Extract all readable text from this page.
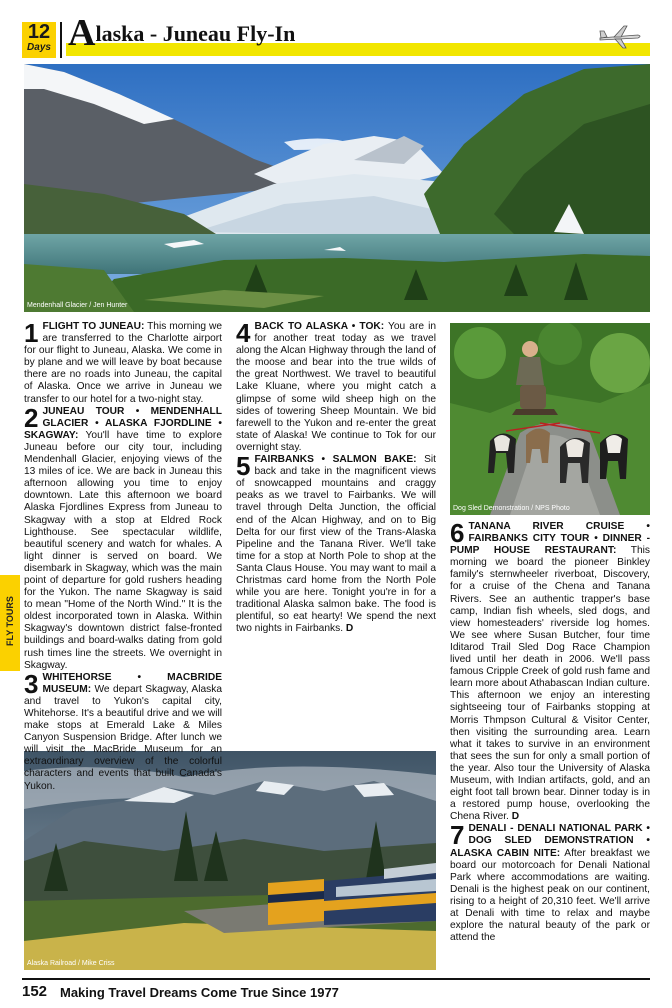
12
Days Alaska - Juneau Fly-In
Mendenhall Glacier / Jen Hunter
Dog Sled Demonstration / NPS Photo
Alaska Railroad / Mike Criss
FLY TOURS

1 FLIGHT TO JUNEAU: This morning we are transferred to the Charlotte airport for our flight to Juneau, Alaska. We come in by plane and we will leave by boat because there are no roads into Juneau, the capital of Alaska. Once we arrive in Juneau we transfer to our hotel for a two-night stay.

2 JUNEAU TOUR • MENDENHALL GLACIER • ALASKA FJORDLINE • SKAGWAY: You'll have time to explore Juneau before our city tour, including Mendenhall Glacier, enjoying views of the 13 miles of ice. We are back in Juneau this afternoon allowing you time to enjoy downtown. Late this afternoon we board Alaska Fjordlines Express from Juneau to Skagway with a stop at Eldred Rock Lighthouse. See spectacular wildlife, beautiful scenery and watch for whales. A light dinner is served on board. We disembark in Skagway, which was the main point of departure for gold rushers heading for the Yukon. The name Skagway is said to mean "Home of the North Wind." It is the oldest incorporated town in Alaska. Within Skagway's downtown district false-fronted buildings and board-walks dating from gold rush times line the streets. We overnight in Skagway.

3 WHITEHORSE • MACBRIDE MUSEUM: We depart Skagway, Alaska and travel to Yukon's capital city, Whitehorse. It's a beautiful drive and we will make stops at Emerald Lake & Miles Canyon Suspension Bridge. After lunch we will visit the MacBride Museum for an extraordinary overview of the colorful characters and events that built Canada's Yukon.

4 BACK TO ALASKA • TOK: You are in for another treat today as we travel along the Alcan Highway through the land of the moose and bear into the true wilds of the great Northwest. We travel to beautiful Lake Kluane, where you might catch a glimpse of some wild sheep high on the sides of towering Sheep Mountain. We bid farewell to the Yukon and re-enter the great state of Alaska! We continue to Tok for our overnight stay.

5 FAIRBANKS • SALMON BAKE: Sit back and take in the magnificent views of snowcapped mountains and craggy peaks as we travel to Fairbanks. We will travel through Delta Junction, the official end of the Alcan Highway, and on to Big Delta for our first view of the Trans-Alaska Pipeline and the Tanana River. We'll take time for a stop at North Pole to shop at the Santa Claus House. You may want to mail a Christmas card home from the North Pole while you are here. Tonight you're in for a traditional Alaska salmon bake. The food is plentiful, so eat hearty! We spend the next two nights in Fairbanks. D

6 TANANA RIVER CRUISE • FAIRBANKS CITY TOUR • DINNER - PUMP HOUSE RESTAURANT: This morning we board the pioneer Binkley family's sternwheeler riverboat, Discovery, for a cruise of the Chena and Tanana Rivers. See an authentic trapper's base camp, Indian fish wheels, sled dogs, and view homesteaders' riverside log homes. We see where Susan Butcher, four time Iditarod Trail Sled Dog Race Champion lived until her death in 2006. We'll pass famous Cripple Creek of gold rush fame and learn more about Athabascan Indian culture. This afternoon we enjoy an interesting sightseeing tour of Fairbanks stopping at Morris Thmpson Cultural & Visitor Center, then visiting the surrounding area. Learn what it takes to survive in an environment that sees the sun for only a small portion of the year. Also tour the University of Alaska Museum, with Indian artifacts, gold, and an eight foot tall brown bear. Dinner today is in a restored pump house, overlooking the Chena River. D

7 DENALI - DENALI NATIONAL PARK • DOG SLED DEMONSTRATION • ALASKA CABIN NITE: After breakfast we board our motorcoach for Denali National Park where accommodations are waiting. Denali is the highest peak on our continent, rising to a height of 20,310 feet. We'll arrive at Denali with time to relax and maybe explore the natural beauty of the park or attend the

152 Making Travel Dreams Come True Since 1977
